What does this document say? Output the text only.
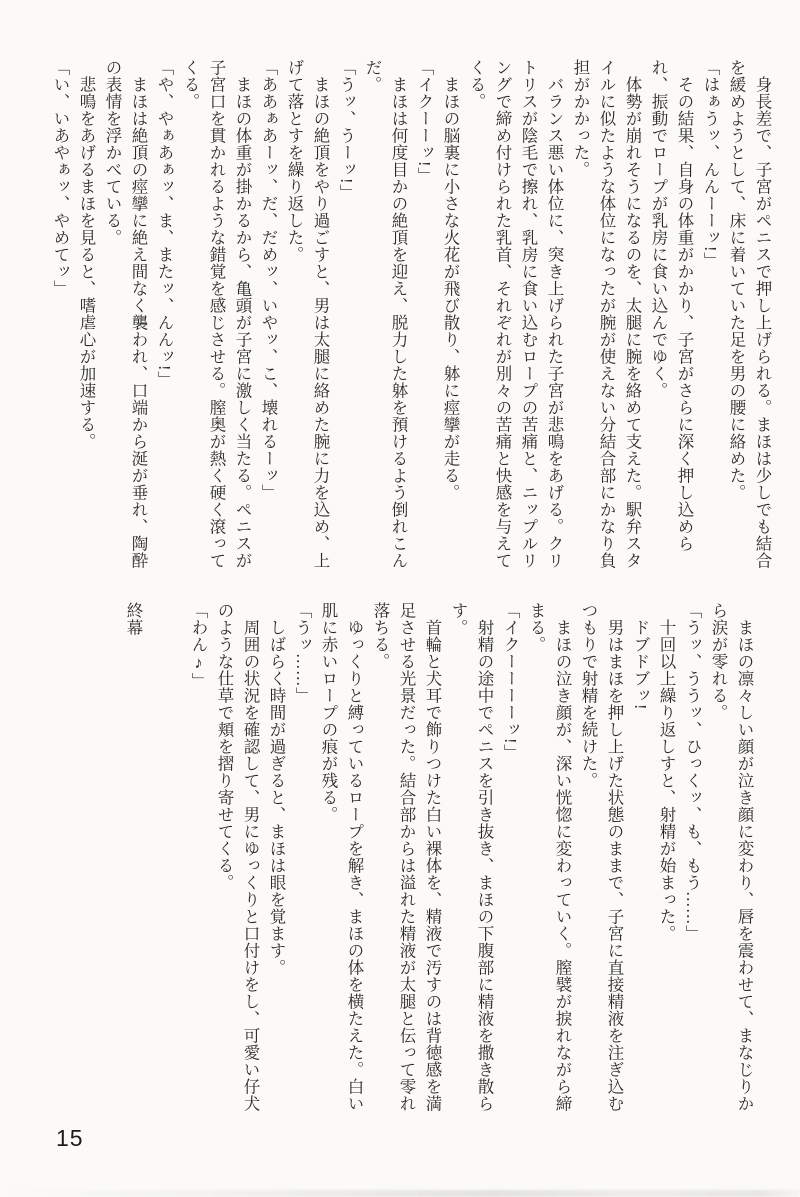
身長差で、子宮がペニスで押し上げられる。まほは少しでも結合を緩めようとして、床に着いていた足を男の腰に絡めた。

「はぁうッ、んんーーッ!」

その結果、自身の体重がかかり、子宮がさらに深く押し込められ、振動でロープが乳房に食い込んでゆく。

体勢が崩れそうになるのを、太腿に腕を絡めて支えた。駅弁スタイルに似たような体位になったが腕が使えない分結合部にかなり負担がかかった。

バランス悪い体位に、突き上げられた子宮が悲鳴をあげる。クリトリスが陰毛で擦れ、乳房に食い込むロープの苦痛と、ニップルリングで締め付けられた乳首、それぞれが別々の苦痛と快感を与えてくる。

まほの脳裏に小さな火花が飛び散り、躰に痙攣が走る。

「イクーーッ!」

まほは何度目かの絶頂を迎え、脱力した躰を預けるよう倒れこんだ。

「うッ、うーッ!」

まほの絶頂をやり過ごすと、男は太腿に絡めた腕に力を込め、上げて落とすを繰り返した。

「ああぁあーッ、だ、だめッ、いやッ、こ、壊れるーッ」

まほの体重が掛かるから、亀頭が子宮に激しく当たる。ペニスが子宮口を貫かれるような錯覚を感じさせる。膣奥が熱く硬く滾ってくる。

「や、やぁあぁッ、ま、またッ、んんッ!」

まほは絶頂の痙攣に絶え間なく襲われ、口端から涎が垂れ、陶酔の表情を浮かべている。

悲鳴をあげるまほを見ると、嗜虐心が加速する。

「い、いあやぁッ、やめてッ」

まほの凛々しい顔が泣き顔に変わり、唇を震わせて、まなじりから涙が零れる。

「うッ、ううッ、ひっくッ、も、もう……」

十回以上繰り返しすと、射精が始まった。

ドブドブッ!

男はまほを押し上げた状態のままで、子宮に直接精液を注ぎ込むつもりで射精を続けた。

まほの泣き顔が、深い恍惚に変わっていく。膣襞が捩れながら締まる。

「イクーーーーッ!」

射精の途中でペニスを引き抜き、まほの下腹部に精液を撒き散らす。

首輪と犬耳で飾りつけた白い裸体を、精液で汚すのは背徳感を満足させる光景だった。結合部からは溢れた精液が太腿と伝って零れ落ちる。

ゆっくりと縛っているロープを解き、まほの体を横たえた。白い肌に赤いロープの痕が残る。

「うッ……」

しばらく時間が過ぎると、まほは眼を覚ます。

周囲の状況を確認して、男にゆっくりと口付けをし、可愛い仔犬のような仕草で頬を摺り寄せてくる。

「わん♪」

終幕

15
